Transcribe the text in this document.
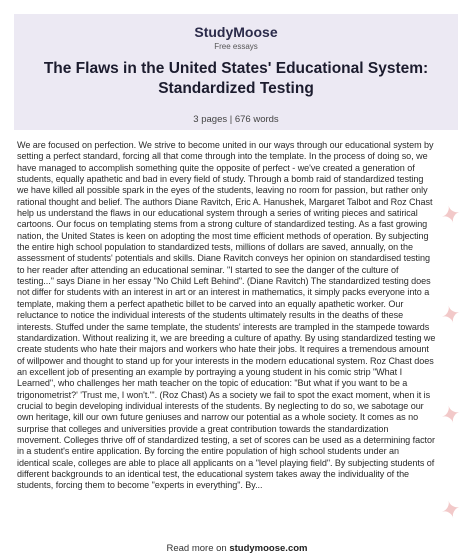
StudyMoose
Free essays
The Flaws in the United States' Educational System:
Standardized Testing
3 pages | 676 words
We are focused on perfection. We strive to become united in our ways through our educational system by
setting a perfect standard, forcing all that come through into the template. In the process of doing so, we
have managed to accomplish something quite the opposite of perfect - we've created a generation of
students, equally apathetic and bad in every field of study. Through a bomb raid of standardized testing
we have killed all possible spark in the eyes of the students, leaving no room for passion, but rather only
rational thought and belief. The authors Diane Ravitch, Eric A. Hanushek, Margaret Talbot and Roz Chast
help us understand the flaws in our educational system through a series of writing pieces and satirical
cartoons. Our focus on templating stems from a strong culture of standardized testing. As a fast growing
nation, the United States is keen on adopting the most time efficient methods of operation. By subjecting
the entire high school population to standardized tests, millions of dollars are saved, annually, on the
assessment of students' potentials and skills. Diane Ravitch conveys her opinion on standardised testing
to her reader after attending an educational seminar. "I started to see the danger of the culture of
testing..." says Diane in her essay "No Child Left Behind". (Diane Ravitch) The standardized testing does
not differ for students with an interest in art or an interest in mathematics, it simply packs everyone into a
template, making them a perfect apathetic billet to be carved into an equally apathetic worker. Our
reluctance to notice the individual interests of the students ultimately results in the deaths of these
interests. Stuffed under the same template, the students' interests are trampled in the stampede towards
standardization. Without realizing it, we are breeding a culture of apathy. By using standardized testing we
create students who hate their majors and workers who hate their jobs. It requires a tremendous amount
of willpower and thought to stand up for your interests in the modern educational system. Roz Chast does
an excellent job of presenting an example by portraying a young student in his comic strip "What I
Learned", who challenges her math teacher on the topic of education: "But what if you want to be a
trigonometrist?' 'Trust me, I won't.'". (Roz Chast) As a society we fail to spot the exact moment, when it is
crucial to begin developing individual interests of the students. By neglecting to do so, we sabotage our
own heritage, kill our own future geniuses and narrow our potential as a whole society. It comes as no
surprise that colleges and universities provide a great contribution towards the standardization
movement. Colleges thrive off of standardized testing, a set of scores can be used as a determining factor
in a student's entire application. By forcing the entire population of high school students under an
identical scale, colleges are able to place all applicants on a "level playing field". By subjecting students of
different backgrounds to an identical test, the educational system takes away the individuality of the
students, forcing them to become "experts in everything". By...
✦
✦
✦
✦
Read more on studymoose.com
